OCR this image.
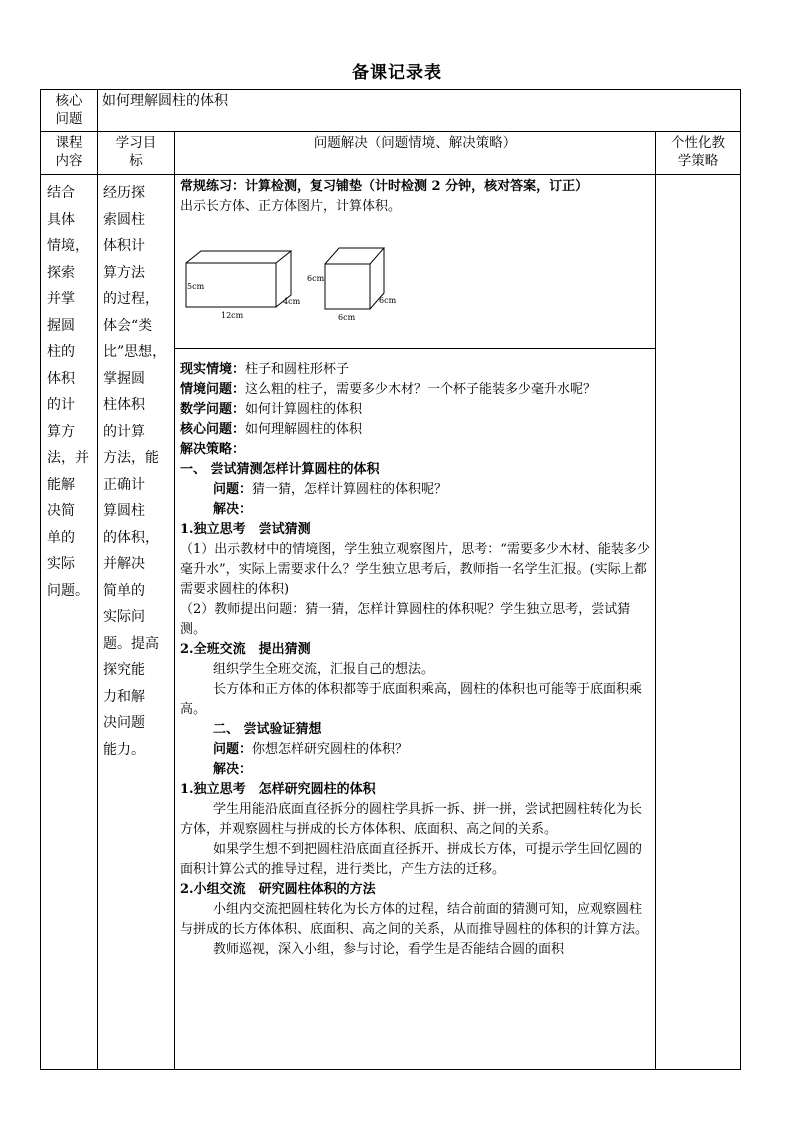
备课记录表
核心
问题
如何理解圆柱的体积
课程
内容
学习目
标
问题解决（问题情境、解决策略）	个性化教
学策略
结合
具体
情境，
探索
并掌
握圆
柱的
体积
的计
算方
法，并
能解
决简
单的
实际
问题。
经历探
索圆柱
体积计
算方法
的过程，
体会“类
比”思想，
掌握圆
柱体积
的计算
方法，能
正确计
算圆柱
的体积，
并解决
简单的
实际问
题。提高
探究能
力和解
决问题
能力。

常规练习：计算检测，复习铺垫（计时检测 2 分钟，核对答案，订正）

出示长方体、正方体图片，计算体积。

5cm
12cm
4cm
6cm
6cm
6cm

现实情境：柱子和圆柱形杯子

情境问题：这么粗的柱子，需要多少木材？一个杯子能装多少毫升水呢？

数学问题：如何计算圆柱的体积

核心问题：如何理解圆柱的体积

解决策略：

一、 尝试猜测怎样计算圆柱的体积

问题：猜一猜，怎样计算圆柱的体积呢？

解决：

1.独立思考　尝试猜测

（1）出示教材中的情境图，学生独立观察图片，思考：“需要多少木材、能装多少毫升水”，实际上需要求什么？学生独立思考后，教师指一名学生汇报。(实际上都需要求圆柱的体积)

（2）教师提出问题：猜一猜，怎样计算圆柱的体积呢？学生独立思考，尝试猜测。

2.全班交流　提出猜测

组织学生全班交流，汇报自己的想法。

长方体和正方体的体积都等于底面积乘高，圆柱的体积也可能等于底面积乘高。

二、 尝试验证猜想

问题：你想怎样研究圆柱的体积？

解决：

1.独立思考　怎样研究圆柱的体积

学生用能沿底面直径拆分的圆柱学具拆一拆、拼一拼，尝试把圆柱转化为长方体，并观察圆柱与拼成的长方体体积、底面积、高之间的关系。

如果学生想不到把圆柱沿底面直径拆开、拼成长方体，可提示学生回忆圆的面积计算公式的推导过程，进行类比，产生方法的迁移。

2.小组交流　研究圆柱体积的方法

小组内交流把圆柱转化为长方体的过程，结合前面的猜测可知，应观察圆柱与拼成的长方体体积、底面积、高之间的关系，从而推导圆柱的体积的计算方法。

教师巡视，深入小组，参与讨论，看学生是否能结合圆的面积
